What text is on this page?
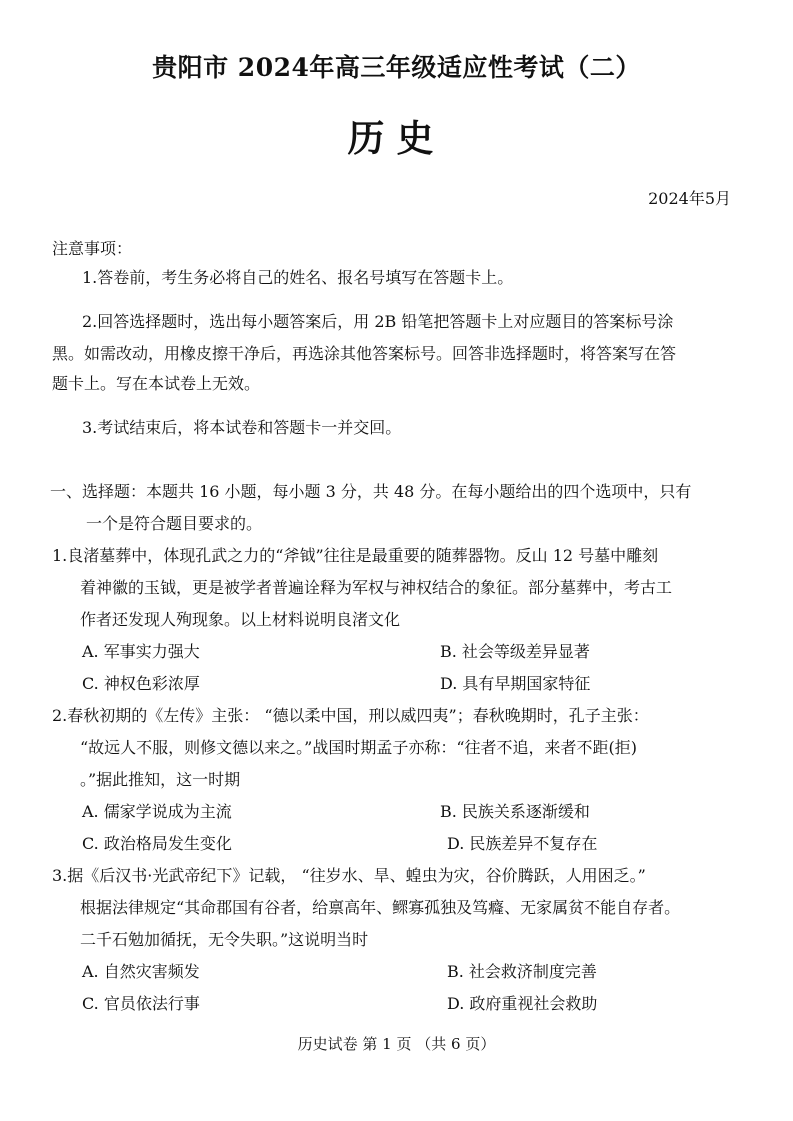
贵阳市 2024年高三年级适应性考试（二）
历史
2024年5月
注意事项：
1.答卷前，考生务必将自己的姓名、报名号填写在答题卡上。
2.回答选择题时，选出每小题答案后，用 2B 铅笔把答题卡上对应题目的答案标号涂
黑。如需改动，用橡皮擦干净后，再选涂其他答案标号。回答非选择题时，将答案写在答
题卡上。写在本试卷上无效。
3.考试结束后，将本试卷和答题卡一并交回。
一、选择题：本题共 16 小题，每小题 3 分，共 48 分。在每小题给出的四个选项中，只有
一个是符合题目要求的。
1.良渚墓葬中，体现孔武之力的“斧钺”往往是最重要的随葬器物。反山 12 号墓中雕刻
着神徽的玉钺，更是被学者普遍诠释为军权与神权结合的象征。部分墓葬中，考古工
作者还发现人殉现象。以上材料说明良渚文化
A. 军事实力强大	B. 社会等级差异显著
C. 神权色彩浓厚	D. 具有早期国家特征
2.春秋初期的《左传》主张： “德以柔中国，刑以威四夷”；春秋晚期时，孔子主张：
“故远人不服，则修文德以来之。”战国时期孟子亦称：“往者不追，来者不距(拒)
。”据此推知，这一时期
A. 儒家学说成为主流	B. 民族关系逐渐缓和
C. 政治格局发生变化	D. 民族差异不复存在
3.据《后汉书·光武帝纪下》记载， “往岁水、旱、蝗虫为灾，谷价腾跃，人用困乏。”
根据法律规定“其命郡国有谷者，给禀高年、鳏寡孤独及笃癃、无家属贫不能自存者。
二千石勉加循抚，无令失职。”这说明当时
A. 自然灾害频发	B. 社会救济制度完善
C. 官员依法行事	D. 政府重视社会救助
历史试卷 第 1 页 （共 6 页）
